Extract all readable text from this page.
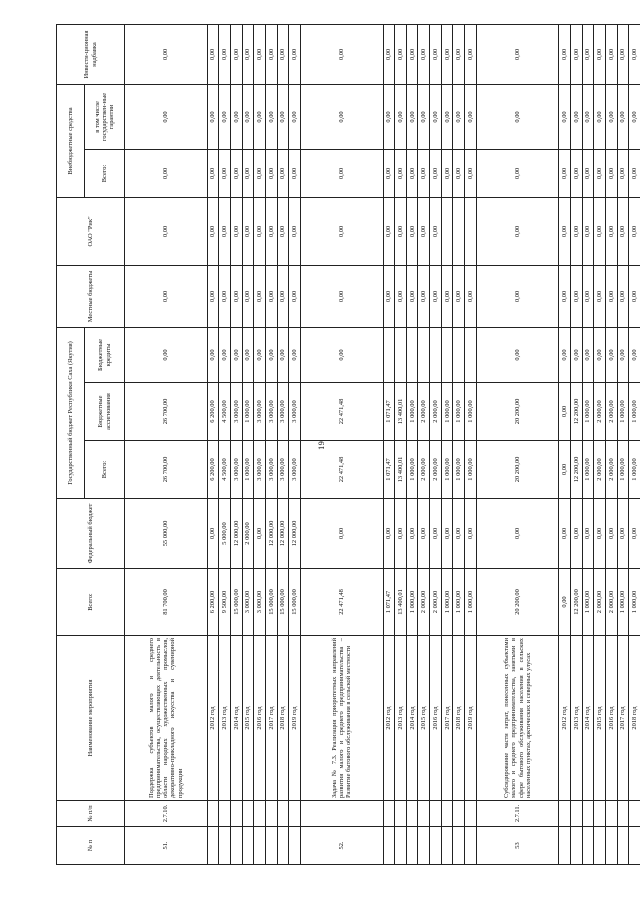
19
№ п	№ п/п	Наименование мероприятия	Всего:	Федеральный бюджет	Государственный бюджет Республики Саха (Якутия)			Местные бюджеты	ОАО "Рик"	Внебюджетные средства		Инвести-ционная надбавка
					Всего:	Бюджетные ассигнования	Бюджетные кредиты			Всего:	в том числе государствен-ные гарантии	
51.	2.7.10.	Поддержка субъектов малого и среднего предпринимательства, осуществляющих деятельность в области народных художественных промыслов, декоративно-прикладного искусства и сувенирной продукции	81 700,00	55 000,00	26 700,00	26 700,00	0,00	0,00	0,00	0,00	0,00	0,00
		2012 год	6 200,00	0,00	6 200,00	6 200,00	0,00	0,00	0,00	0,00	0,00	0,00
		2013 год	9 500,00	5 000,00	4 500,00	4 500,00	0,00	0,00	0,00	0,00	0,00	0,00
		2014 год	15 000,00	12 000,00	3 000,00	3 000,00	0,00	0,00	0,00	0,00	0,00	0,00
		2015 год	3 000,00	2 000,00	1 000,00	1 000,00	0,00	0,00	0,00	0,00	0,00	0,00
		2016 год	3 000,00	0,00	3 000,00	3 000,00	0,00	0,00	0,00	0,00	0,00	0,00
		2017 год	15 000,00	12 000,00	3 000,00	3 000,00	0,00	0,00	0,00	0,00	0,00	0,00
		2018 год	15 000,00	12 000,00	3 000,00	3 000,00	0,00	0,00	0,00	0,00	0,00	0,00
		2019 год	15 000,00	12 000,00	3 000,00	3 000,00	0,00	0,00	0,00	0,00	0,00	0,00
52.		Задача № 7.3. Реализация приоритетных направлений развития малого и среднего предпринимательства – Развитие бытового обслуживания в сельской местности	22 471,48	0,00	22 471,48	22 471,48	0,00	0,00	0,00	0,00	0,00	0,00
		2012 год	1 071,47	0,00	1 071,47	1 071,47		0,00	0,00	0,00	0,00	0,00
		2013 год	13 400,01	0,00	13 400,01	13 400,01		0,00	0,00	0,00	0,00	0,00
		2014 год	1 000,00	0,00	1 000,00	1 000,00		0,00	0,00	0,00	0,00	0,00
		2015 год	2 000,00	0,00	2 000,00	2 000,00		0,00	0,00	0,00	0,00	0,00
		2016 год	2 000,00	0,00	2 000,00	2 000,00		0,00	0,00	0,00	0,00	0,00
		2017 год	1 000,00	0,00	1 000,00	1 000,00		0,00		0,00	0,00	0,00
		2018 год	1 000,00	0,00	1 000,00	1 000,00		0,00		0,00	0,00	0,00
		2019 год	1 000,00	0,00	1 000,00	1 000,00		0,00		0,00	0,00	0,00
53	2.7.11.	Субсидирование части затрат, понесенных субъектами малого и среднего предпринимательства, занятыми в сфере бытового обслуживания населения в сельских населенных пунктах, арктических и северных улусах	20 200,00	0,00	20 200,00	20 200,00	0,00	0,00	0,00	0,00	0,00	0,00
		2012 год	0,00	0,00	0,00	0,00	0,00	0,00	0,00	0,00	0,00	0,00
		2013 год	12 200,00	0,00	12 200,00	12 200,00	0,00	0,00	0,00	0,00	0,00	0,00
		2014 год	1 000,00	0,00	1 000,00	1 000,00	0,00	0,00	0,00	0,00	0,00	0,00
		2015 год	2 000,00	0,00	2 000,00	2 000,00	0,00	0,00	0,00	0,00	0,00	0,00
		2016 год	2 000,00	0,00	2 000,00	2 000,00	0,00	0,00	0,00	0,00	0,00	0,00
		2017 год	1 000,00	0,00	1 000,00	1 000,00	0,00	0,00	0,00	0,00	0,00	0,00
		2018 год	1 000,00	0,00	1 000,00	1 000,00	0,00	0,00	0,00	0,00	0,00	0,00
